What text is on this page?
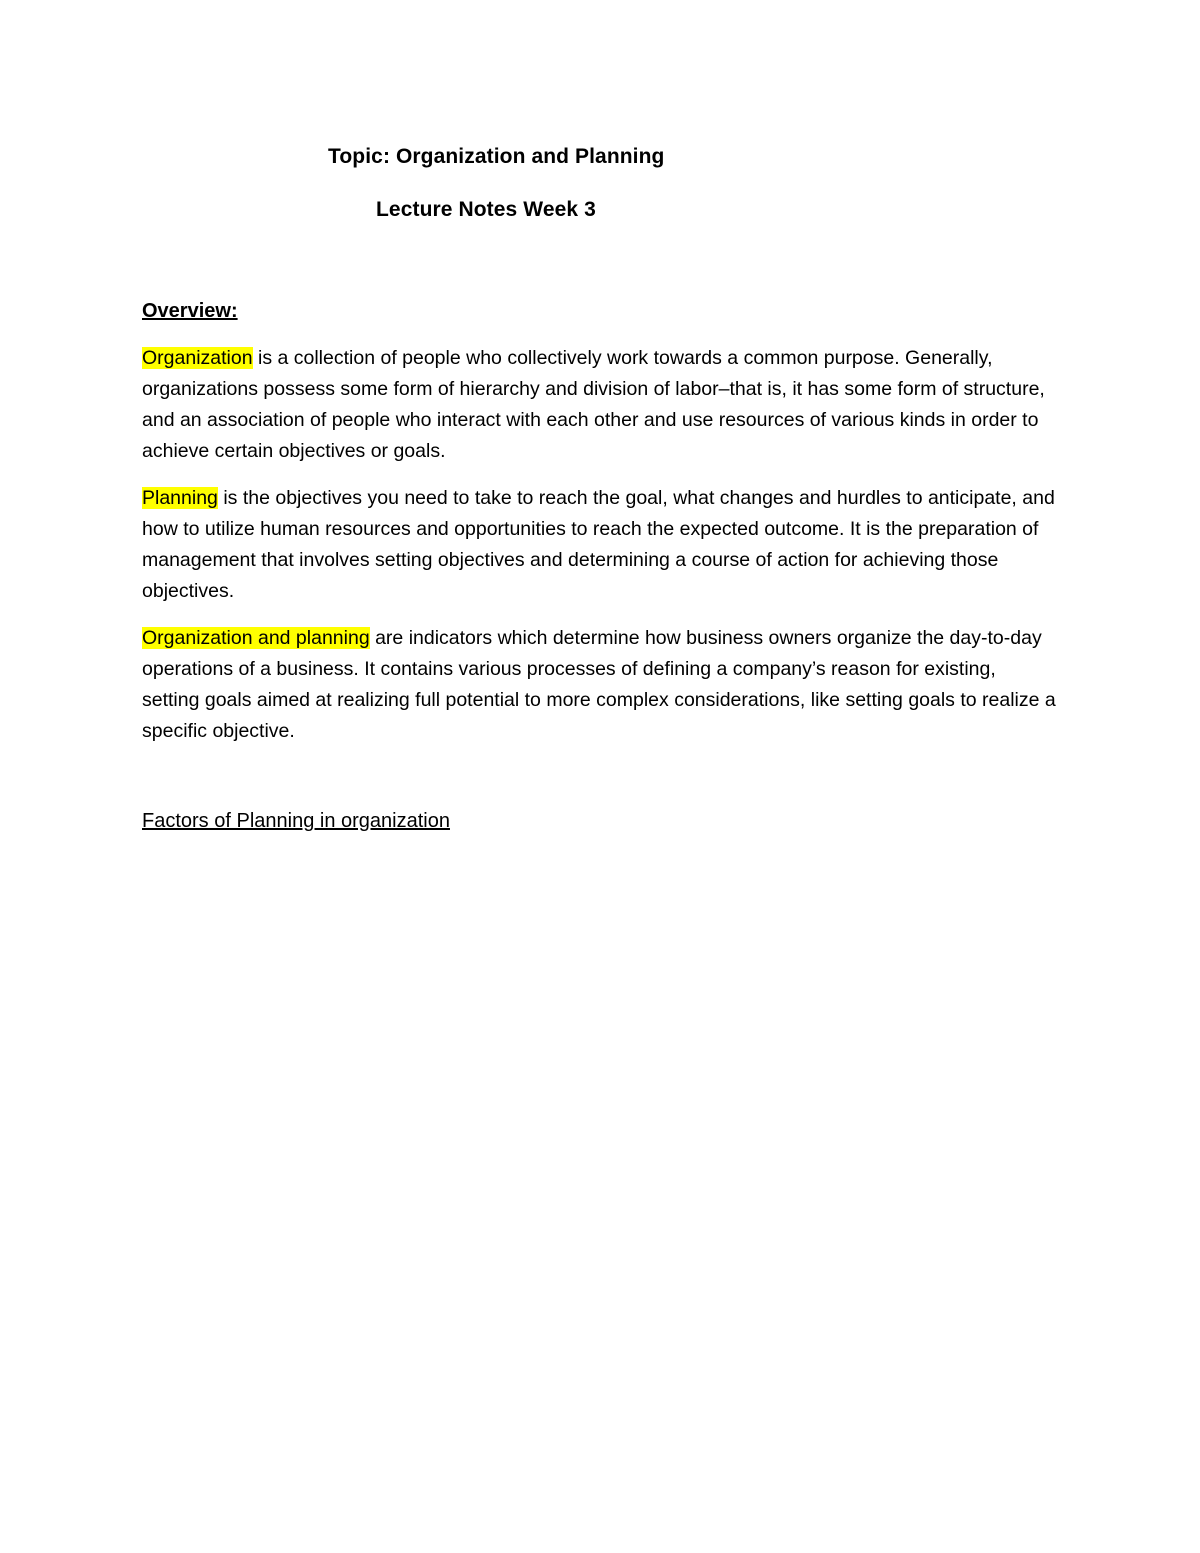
Topic: Organization and Planning
Lecture Notes Week 3
Overview:

Organization is a collection of people who collectively work towards a common purpose. Generally, organizations possess some form of hierarchy and division of labor–that is, it has some form of structure, and an association of people who interact with each other and use resources of various kinds in order to achieve certain objectives or goals.

Planning is the objectives you need to take to reach the goal, what changes and hurdles to anticipate, and how to utilize human resources and opportunities to reach the expected outcome. It is the preparation of management that involves setting objectives and determining a course of action for achieving those objectives.

Organization and planning are indicators which determine how business owners organize the day-to-day operations of a business. It contains various processes of defining a company’s reason for existing, setting goals aimed at realizing full potential to more complex considerations, like setting goals to realize a specific objective.

Factors of Planning in organization
